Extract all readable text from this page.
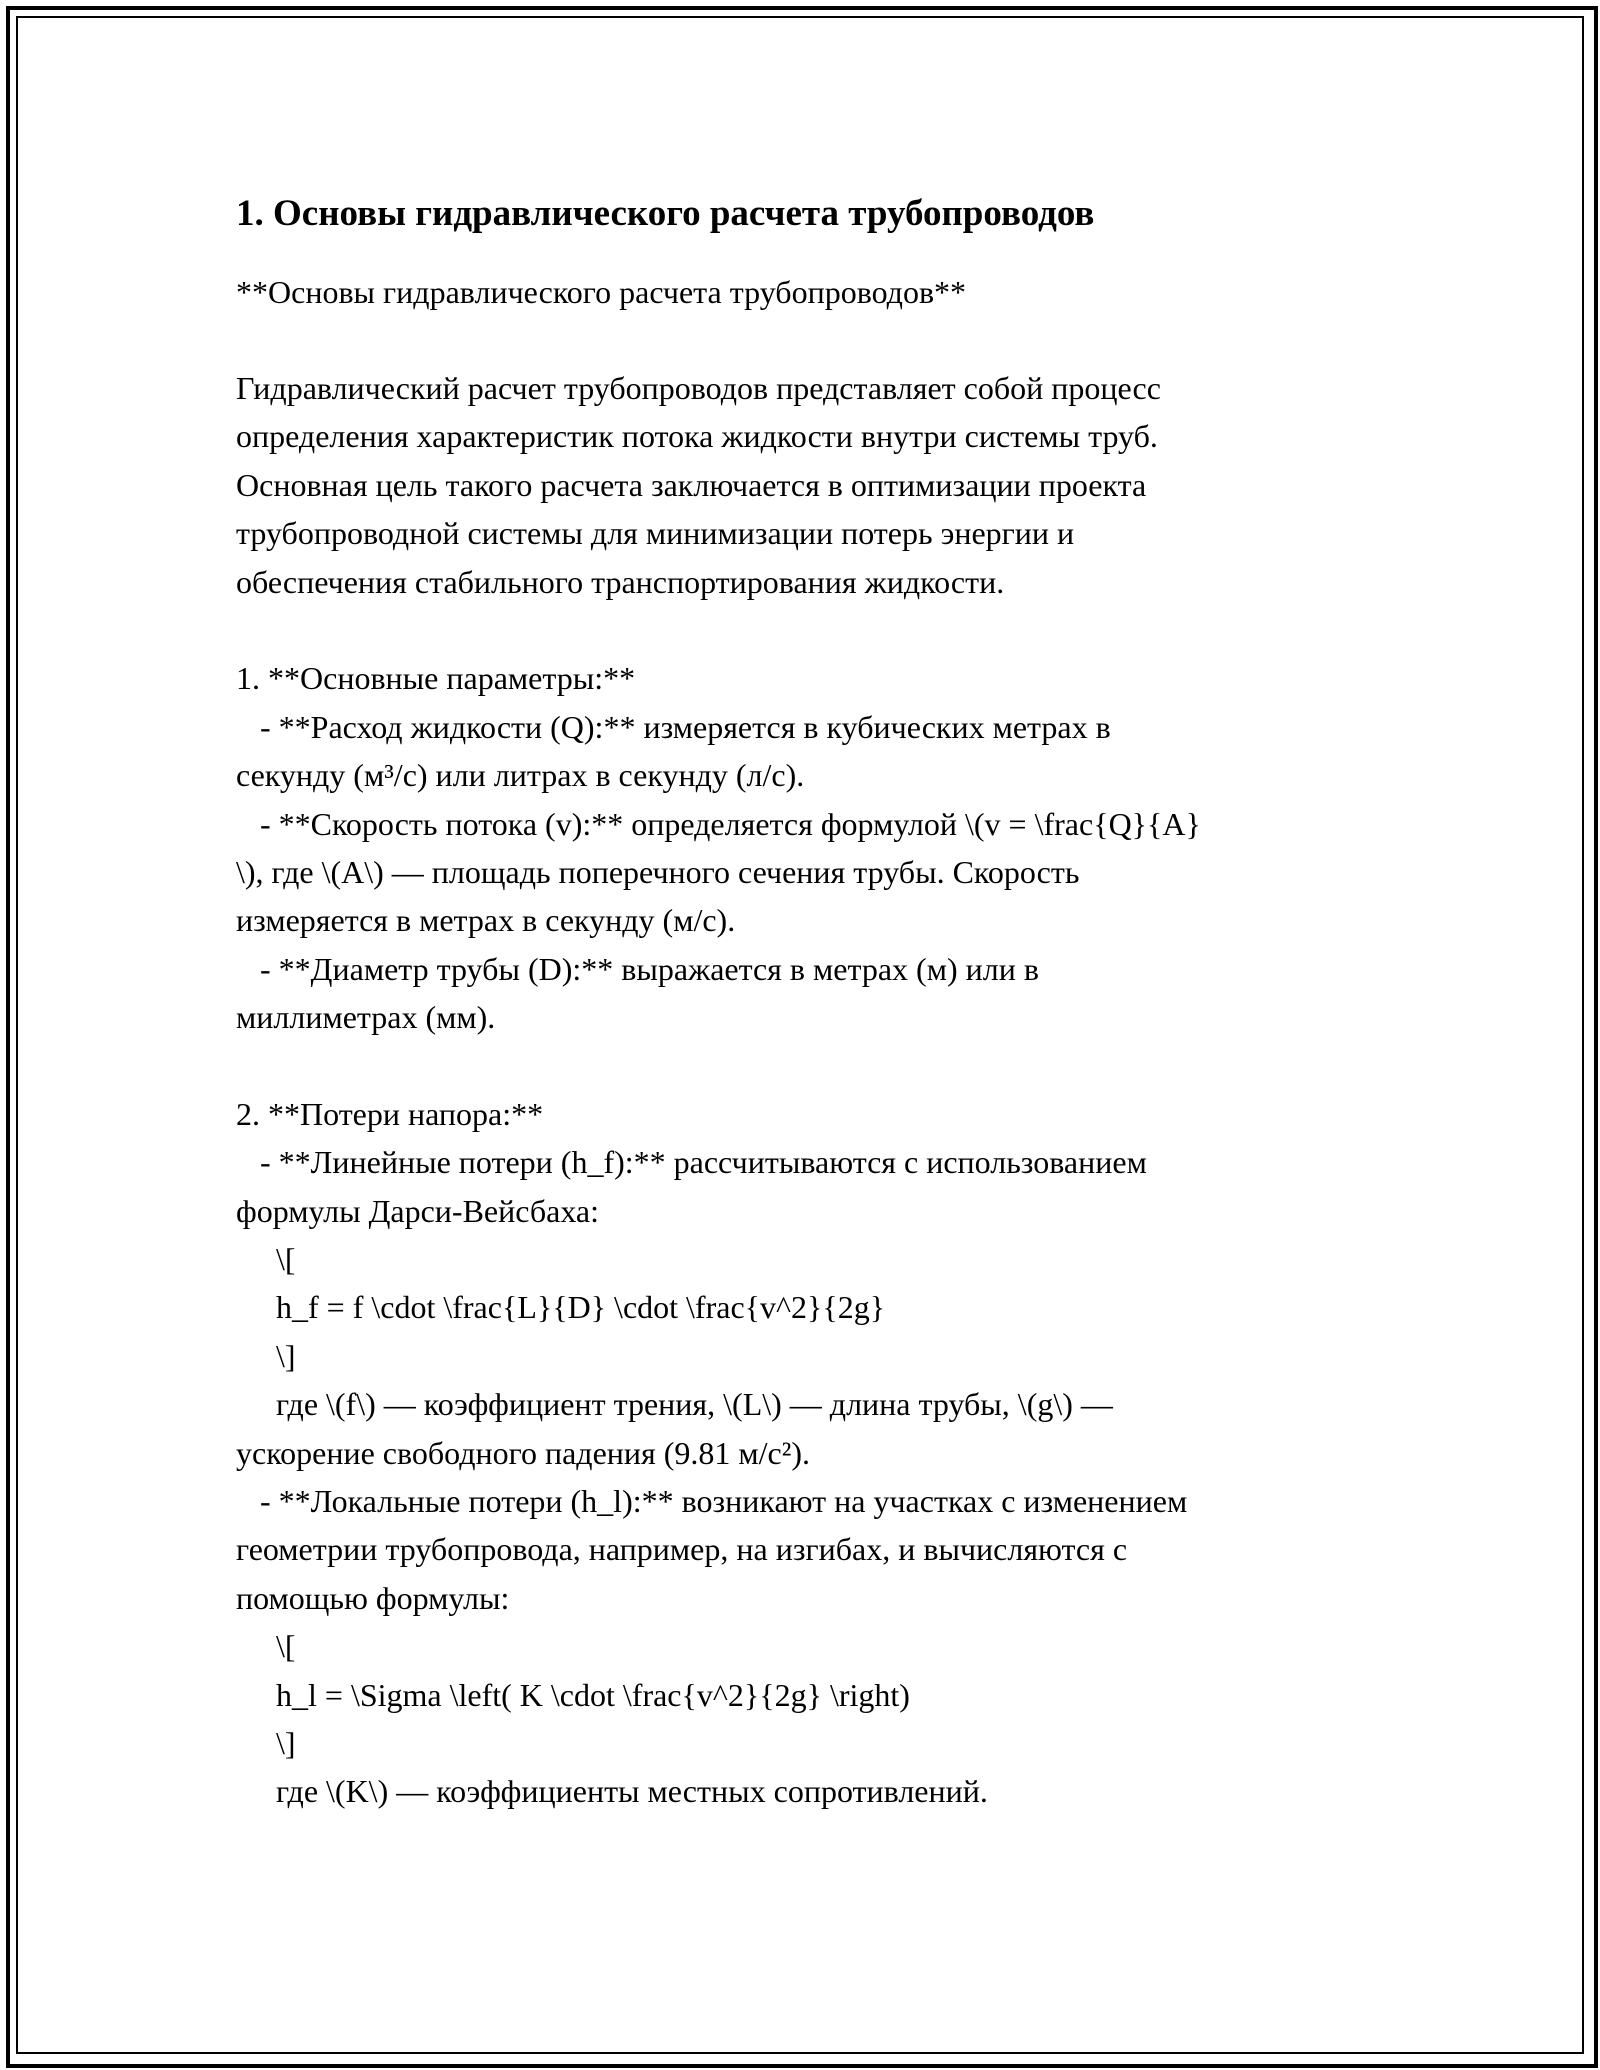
1. Основы гидравлического расчета трубопроводов
**Основы гидравлического расчета трубопроводов**
Гидравлический расчет трубопроводов представляет собой процесс
определения характеристик потока жидкости внутри системы труб.
Основная цель такого расчета заключается в оптимизации проекта
трубопроводной системы для минимизации потерь энергии и
обеспечения стабильного транспортирования жидкости.
1. **Основные параметры:**
- **Расход жидкости (Q):** измеряется в кубических метрах в
секунду (м³/с) или литрах в секунду (л/с).
- **Скорость потока (v):** определяется формулой \(v = \frac{Q}{A}
\), где \(A\) — площадь поперечного сечения трубы. Скорость
измеряется в метрах в секунду (м/с).
- **Диаметр трубы (D):** выражается в метрах (м) или в
миллиметрах (мм).
2. **Потери напора:**
- **Линейные потери (h_f):** рассчитываются с использованием
формулы Дарси-Вейсбаха:
\[
h_f = f \cdot \frac{L}{D} \cdot \frac{v^2}{2g}
\]
где \(f\) — коэффициент трения, \(L\) — длина трубы, \(g\) —
ускорение свободного падения (9.81 м/с²).
- **Локальные потери (h_l):** возникают на участках с изменением
геометрии трубопровода, например, на изгибах, и вычисляются с
помощью формулы:
\[
h_l = \Sigma \left( K \cdot \frac{v^2}{2g} \right)
\]
где \(K\) — коэффициенты местных сопротивлений.
